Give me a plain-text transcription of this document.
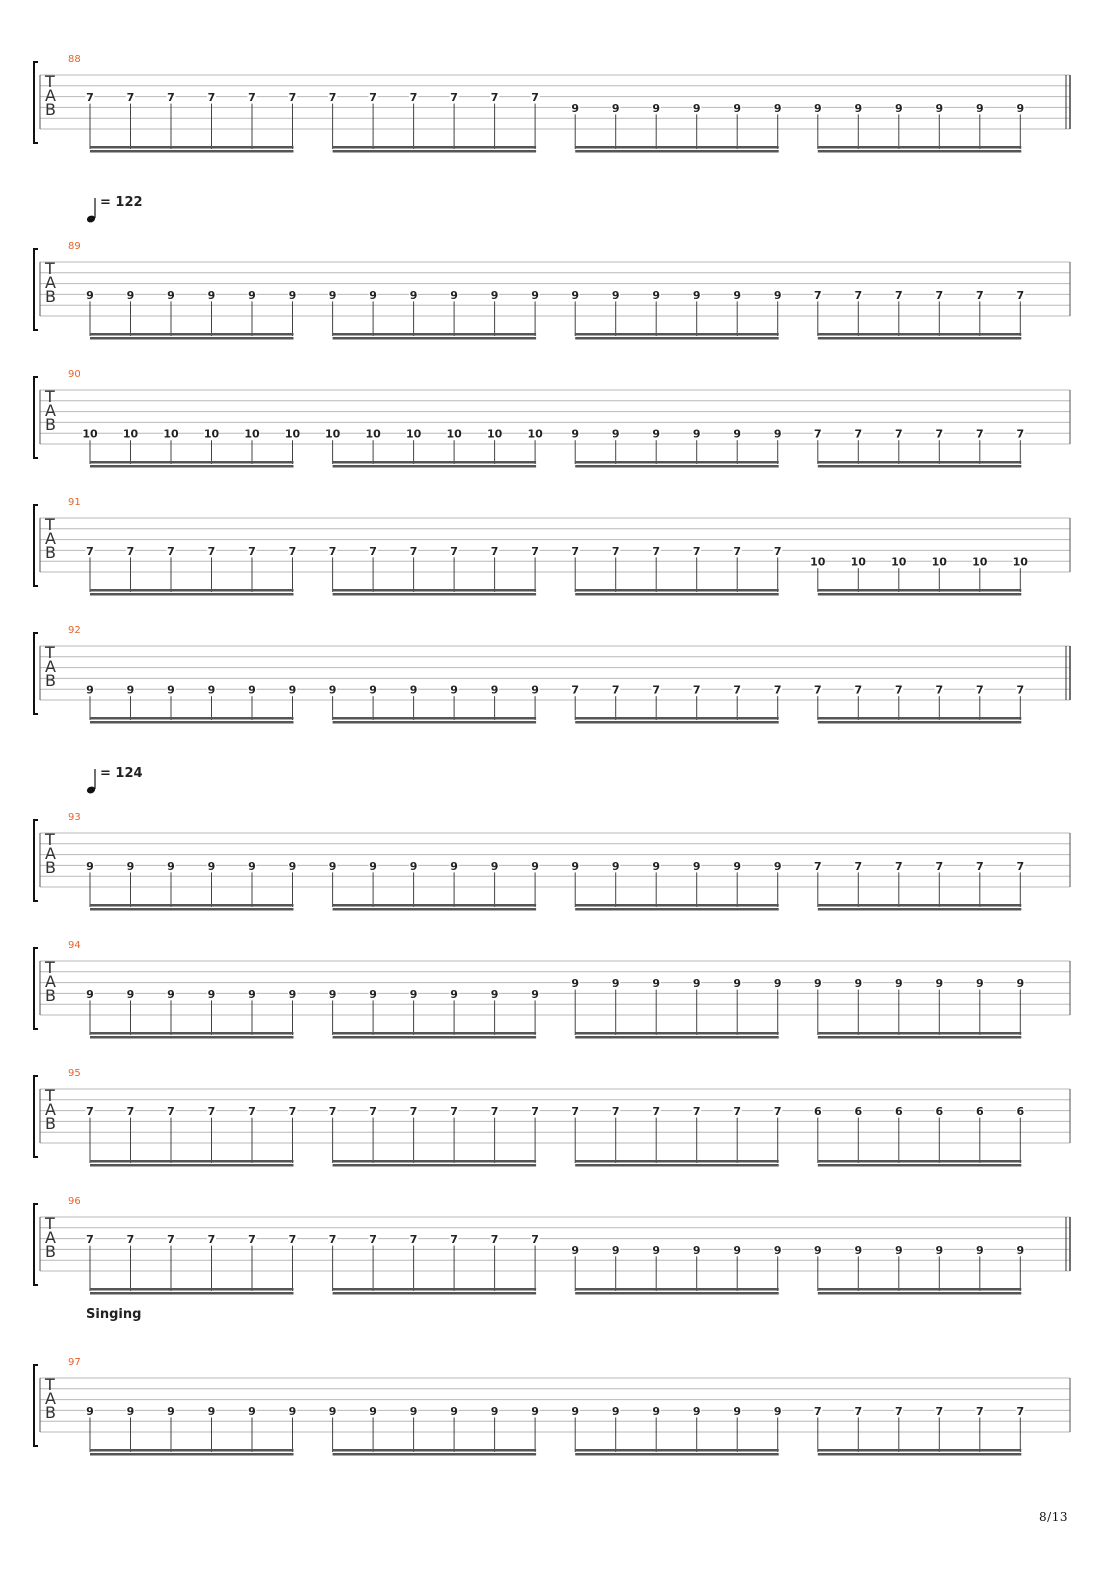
T
A
B
88
7	7	7	7	7	7	7	7	7	7	7	7
9	9	9	9	9	9	9	9	9	9	9	9
T
A
B
89
= 122
9	9	9	9	9	9	9	9	9	9	9	9	9	9	9	9	9	9	7	7	7	7	7	7
T
A
B
90
10 10 10 10 10 10 10 10 10 10 10 10	9	9	9	9	9	9	7	7	7	7	7	7
T
A
B
91
7	7	7	7	7	7	7	7	7	7	7	7	7	7	7	7	7	7
10 10 10 10 10 10
T
A
B
92
9	9	9	9	9	9	9	9	9	9	9	9	7	7	7	7	7	7	7	7	7	7	7	7
T
A
B
93
= 124
9	9	9	9	9	9	9	9	9	9	9	9	9	9	9	9	9	9	7	7	7	7	7	7
T
A
B
94
9	9	9	9	9	9	9	9	9	9	9	9
9	9	9	9	9	9	9	9	9	9	9	9
T
A
B
95
7	7	7	7	7	7	7	7	7	7	7	7	7	7	7	7	7	7	6	6	6	6	6	6
T
A
B
96
7	7	7	7	7	7	7	7	7	7	7	7
9	9	9	9	9	9	9	9	9	9	9	9
T
A
B
97
Singing
9	9	9	9	9	9	9	9	9	9	9	9	9	9	9	9	9	9	7	7	7	7	7	7
8/13
